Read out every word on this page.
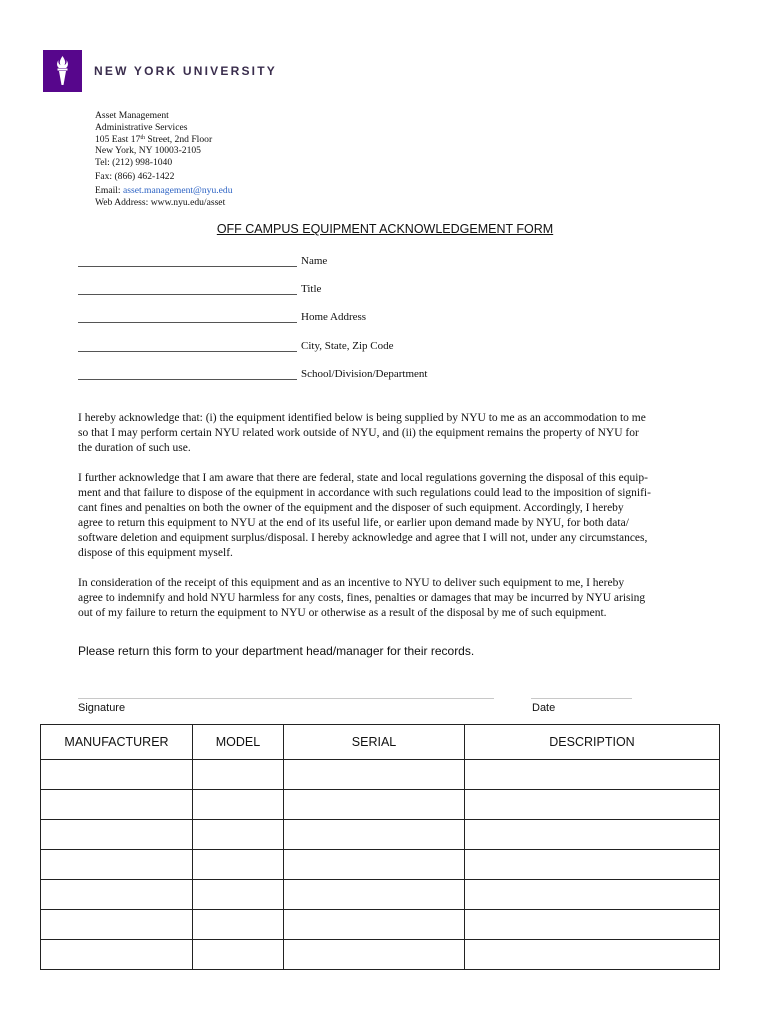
NEW YORK UNIVERSITY
Asset Management
Administrative Services
105 East 17th Street, 2nd Floor
New York, NY 10003-2105
Tel: (212) 998-1040
Fax: (866) 462-1422
Email: asset.management@nyu.edu
Web Address: www.nyu.edu/asset
OFF CAMPUS EQUIPMENT ACKNOWLEDGEMENT FORM
Name
Title
Home Address
City, State, Zip Code
School/Division/Department
I hereby acknowledge that: (i) the equipment identified below is being supplied by NYU to me as an accommodation to me
so that I may perform certain NYU related work outside of NYU, and (ii) the equipment remains the property of NYU for
the duration of such use.
I further acknowledge that I am aware that there are federal, state and local regulations governing the disposal of this equip-
ment and that failure to dispose of the equipment in accordance with such regulations could lead to the imposition of signifi-
cant fines and penalties on both the owner of the equipment and the disposer of such equipment. Accordingly, I hereby
agree to return this equipment to NYU at the end of its useful life, or earlier upon demand made by NYU, for both data/
software deletion and equipment surplus/disposal. I hereby acknowledge and agree that I will not, under any circumstances,
dispose of this equipment myself.
In consideration of the receipt of this equipment and as an incentive to NYU to deliver such equipment to me, I hereby
agree to indemnify and hold NYU harmless for any costs, fines, penalties or damages that may be incurred by NYU arising
out of my failure to return the equipment to NYU or otherwise as a result of the disposal by me of such equipment.
Please return this form to your department head/manager for their records.
Signature	Date
MANUFACTURER	MODEL	SERIAL	DESCRIPTION
